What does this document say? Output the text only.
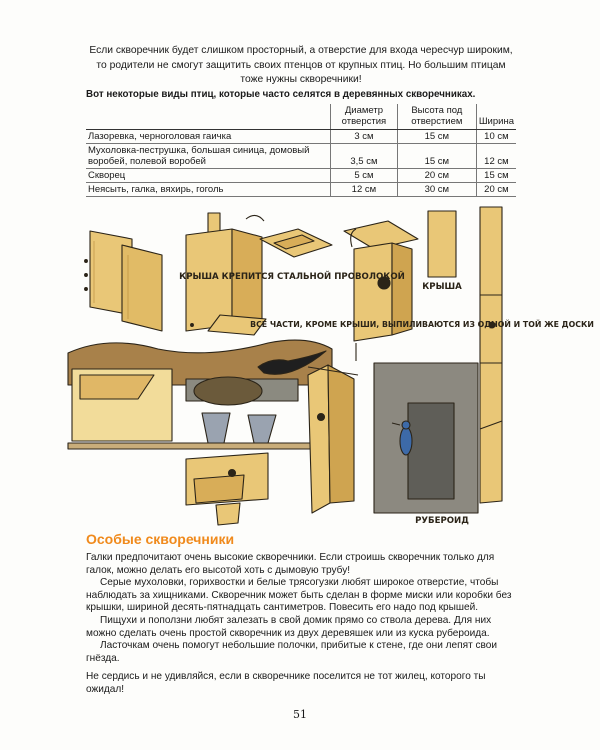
Если скворечник будет слишком просторный, а отверстие для входа чересчур широким, то родители не смогут защитить своих птенцов от крупных птиц. Но большим птицам тоже нужны скворечники!
Вот некоторые виды птиц, которые часто селятся в деревянных скворечниках.
	Диаметр отверстия	Высота под отверстием	Ширина
Лазоревка, черноголовая гаичка	3 см	15 см	10 см
Мухоловка-пеструшка, большая синица, домовый воробей, полевой воробей	3,5 см	15 см	12 см
Скворец	5 см	20 см	15 см
Неясыть, галка, вяхирь, гоголь	12 см	30 см	20 см
КРЫША КРЕПИТСЯ СТАЛЬНОЙ ПРОВОЛОКОЙ
КРЫША
ВСЕ ЧАСТИ, КРОМЕ КРЫШИ, ВЫПИЛИВАЮТСЯ ИЗ ОДНОЙ И ТОЙ ЖЕ ДОСКИ
РУБЕРОИД
Особые скворечники

Галки предпочитают очень высокие скворечники. Если строишь скворечник только для галок, можно делать его высотой хоть с дымовую трубу!

Серые мухоловки, горихвостки и белые трясогузки любят широкое отверстие, чтобы наблюдать за хищниками. Скворечник может быть сделан в форме миски или коробки без крышки, шириной десять-пятнадцать сантиметров. Повесить его надо под крышей.

Пищухи и поползни любят залезать в свой домик прямо со ствола дерева. Для них можно сделать очень простой скворечник из двух деревяшек или из куска рубероида.

Ласточкам очень помогут небольшие полочки, прибитые к стене, где они лепят свои гнёзда.

Не сердись и не удивляйся, если в скворечнике поселится не тот жилец, которого ты ожидал!

51
